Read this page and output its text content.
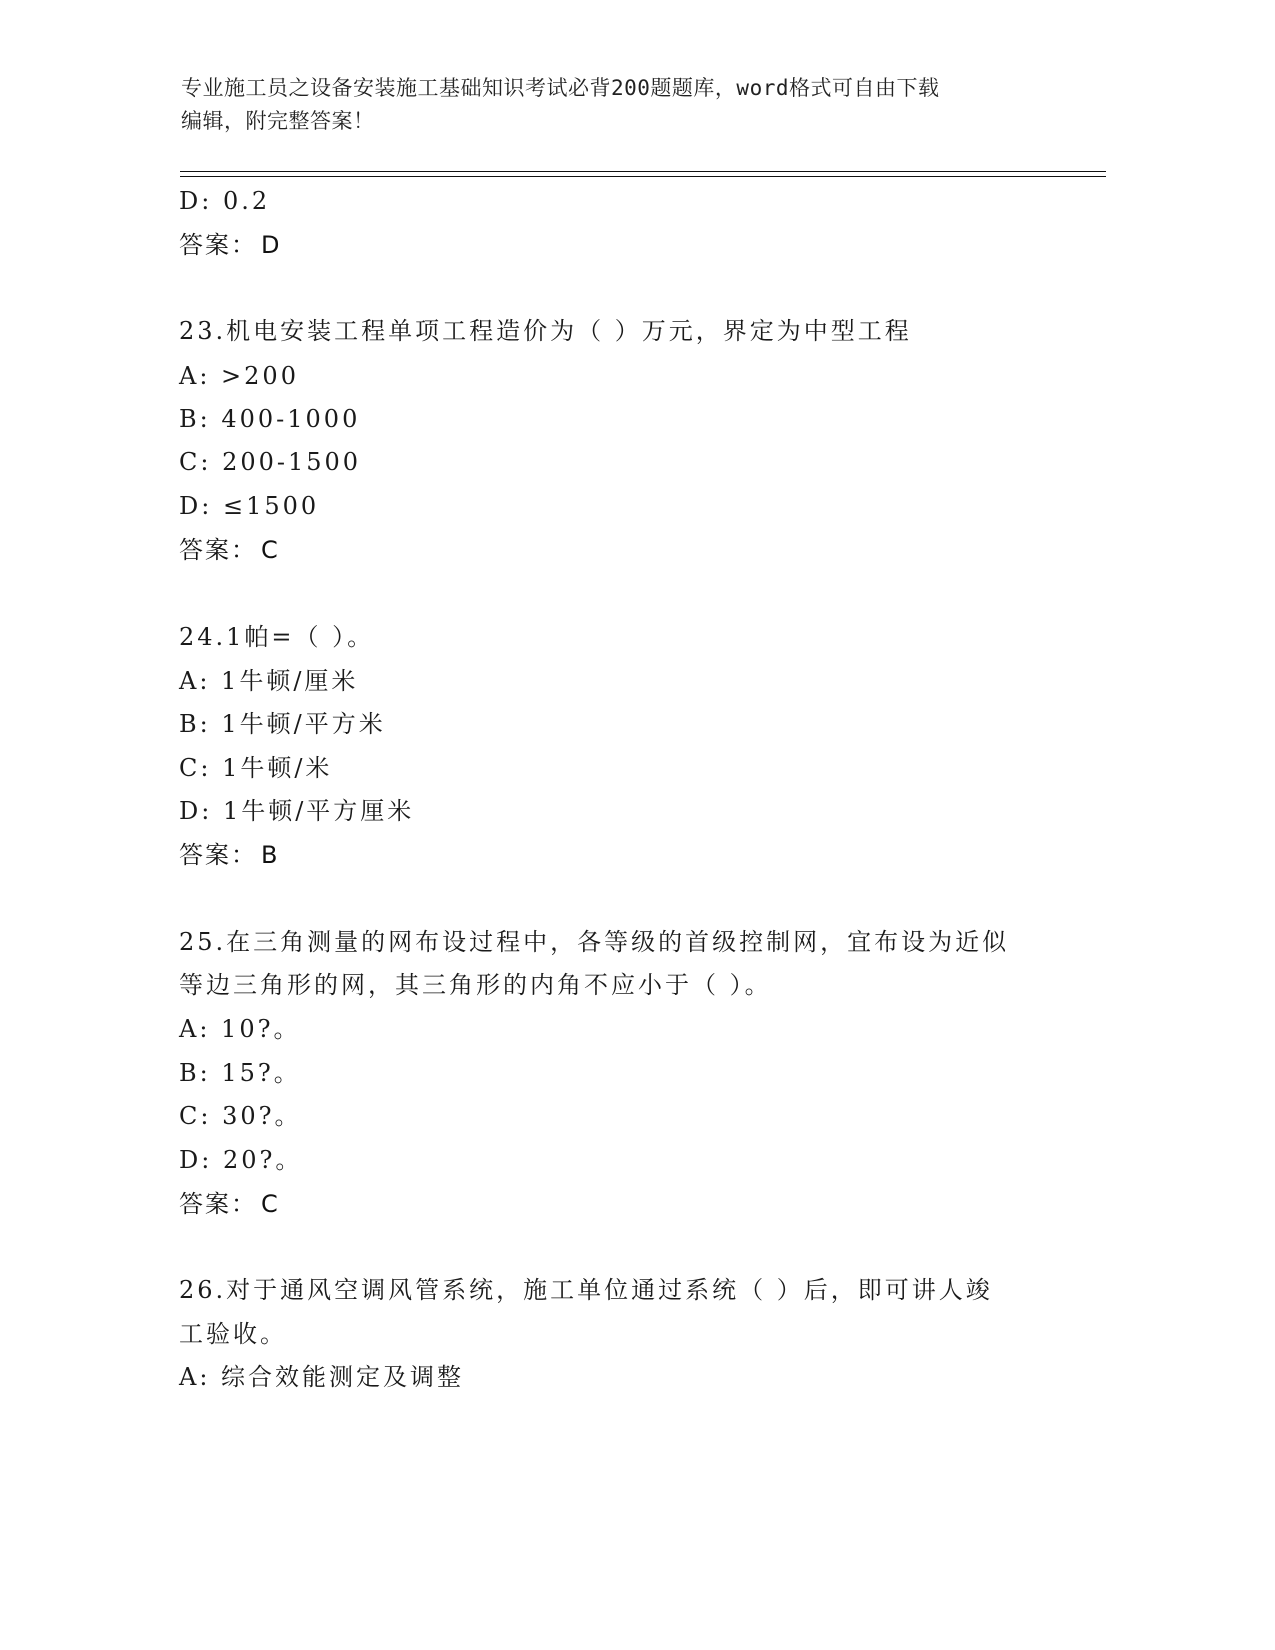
专业施工员之设备安装施工基础知识考试必背200题题库，word格式可自由下载
编辑，附完整答案！
D: 0.2
答案： D
23.机电安装工程单项工程造价为（ ）万元，界定为中型工程
A: >200
B: 400-1000
C: 200-1500
D: ≤1500
答案： C
24.1帕=（ ）。
A: 1牛顿/厘米
B: 1牛顿/平方米
C: 1牛顿/米
D: 1牛顿/平方厘米
答案： B
25.在三角测量的网布设过程中，各等级的首级控制网，宜布设为近似
等边三角形的网，其三角形的内角不应小于（ ）。
A: 10?。
B: 15?。
C: 30?。
D: 20?。
答案： C
26.对于通风空调风管系统，施工单位通过系统（ ）后，即可讲人竣
工验收。
A: 综合效能测定及调整
